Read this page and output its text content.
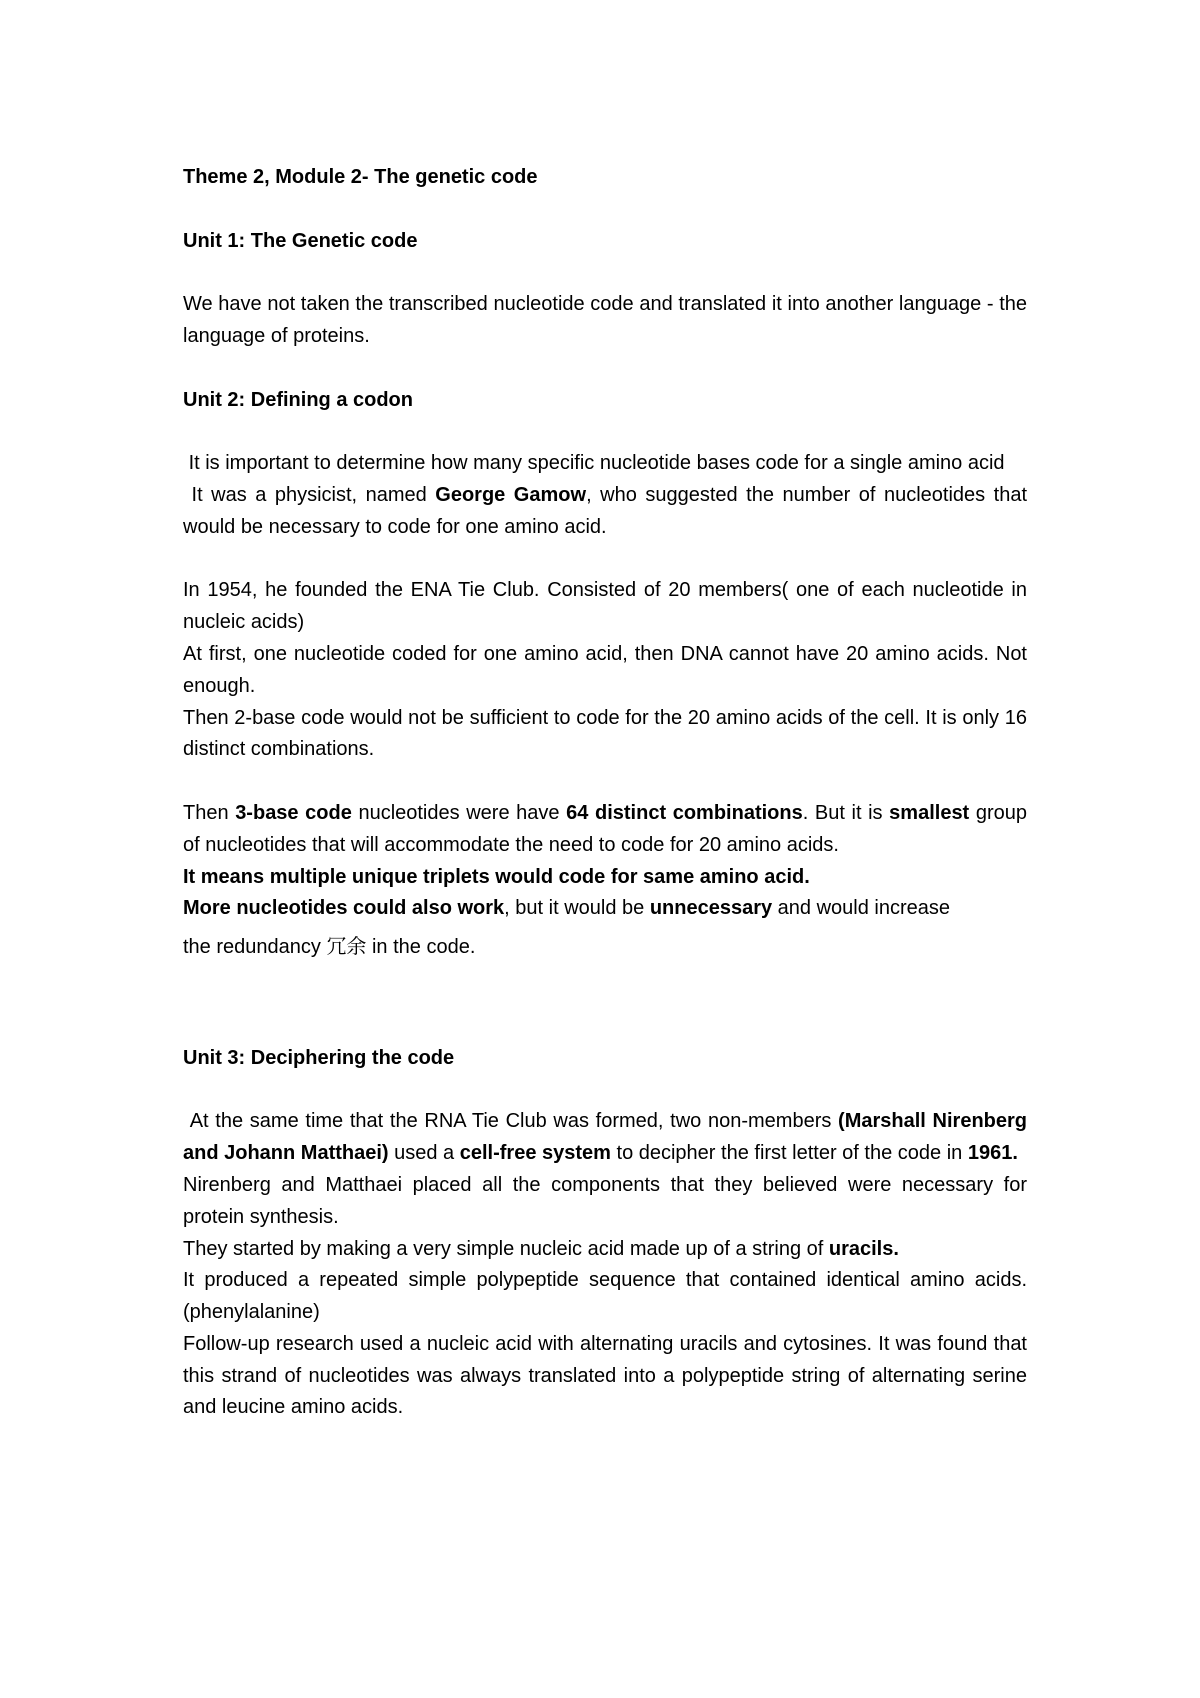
Theme 2, Module 2- The genetic code

Unit 1: The Genetic code

We have not taken the transcribed nucleotide code and translated it into another language - the language of proteins.

Unit 2: Defining a codon

It is important to determine how many specific nucleotide bases code for a single amino acid

It was a physicist, named George Gamow, who suggested the number of nucleotides that would be necessary to code for one amino acid.

In 1954, he founded the ENA Tie Club. Consisted of 20 members( one of each nucleotide in nucleic acids)

At first, one nucleotide coded for one amino acid, then DNA cannot have 20 amino acids. Not enough.

Then 2-base code would not be sufficient to code for the 20 amino acids of the cell. It is only 16 distinct combinations.

Then 3-base code nucleotides were have 64 distinct combinations. But it is smallest group of nucleotides that will accommodate the need to code for 20 amino acids.

It means multiple unique triplets would code for same amino acid.

More nucleotides could also work, but it would be unnecessary and would increase

the redundancy 冗余 in the code.

Unit 3: Deciphering the code

At the same time that the RNA Tie Club was formed, two non-members (Marshall Nirenberg and Johann Matthaei) used a cell-free system to decipher the first letter of the code in 1961.

Nirenberg and Matthaei placed all the components that they believed were necessary for protein synthesis.

They started by making a very simple nucleic acid made up of a string of uracils.

It produced a repeated simple polypeptide sequence that contained identical amino acids.(phenylalanine)

Follow-up research used a nucleic acid with alternating uracils and cytosines. It was found that this strand of nucleotides was always translated into a polypeptide string of alternating serine and leucine amino acids.
